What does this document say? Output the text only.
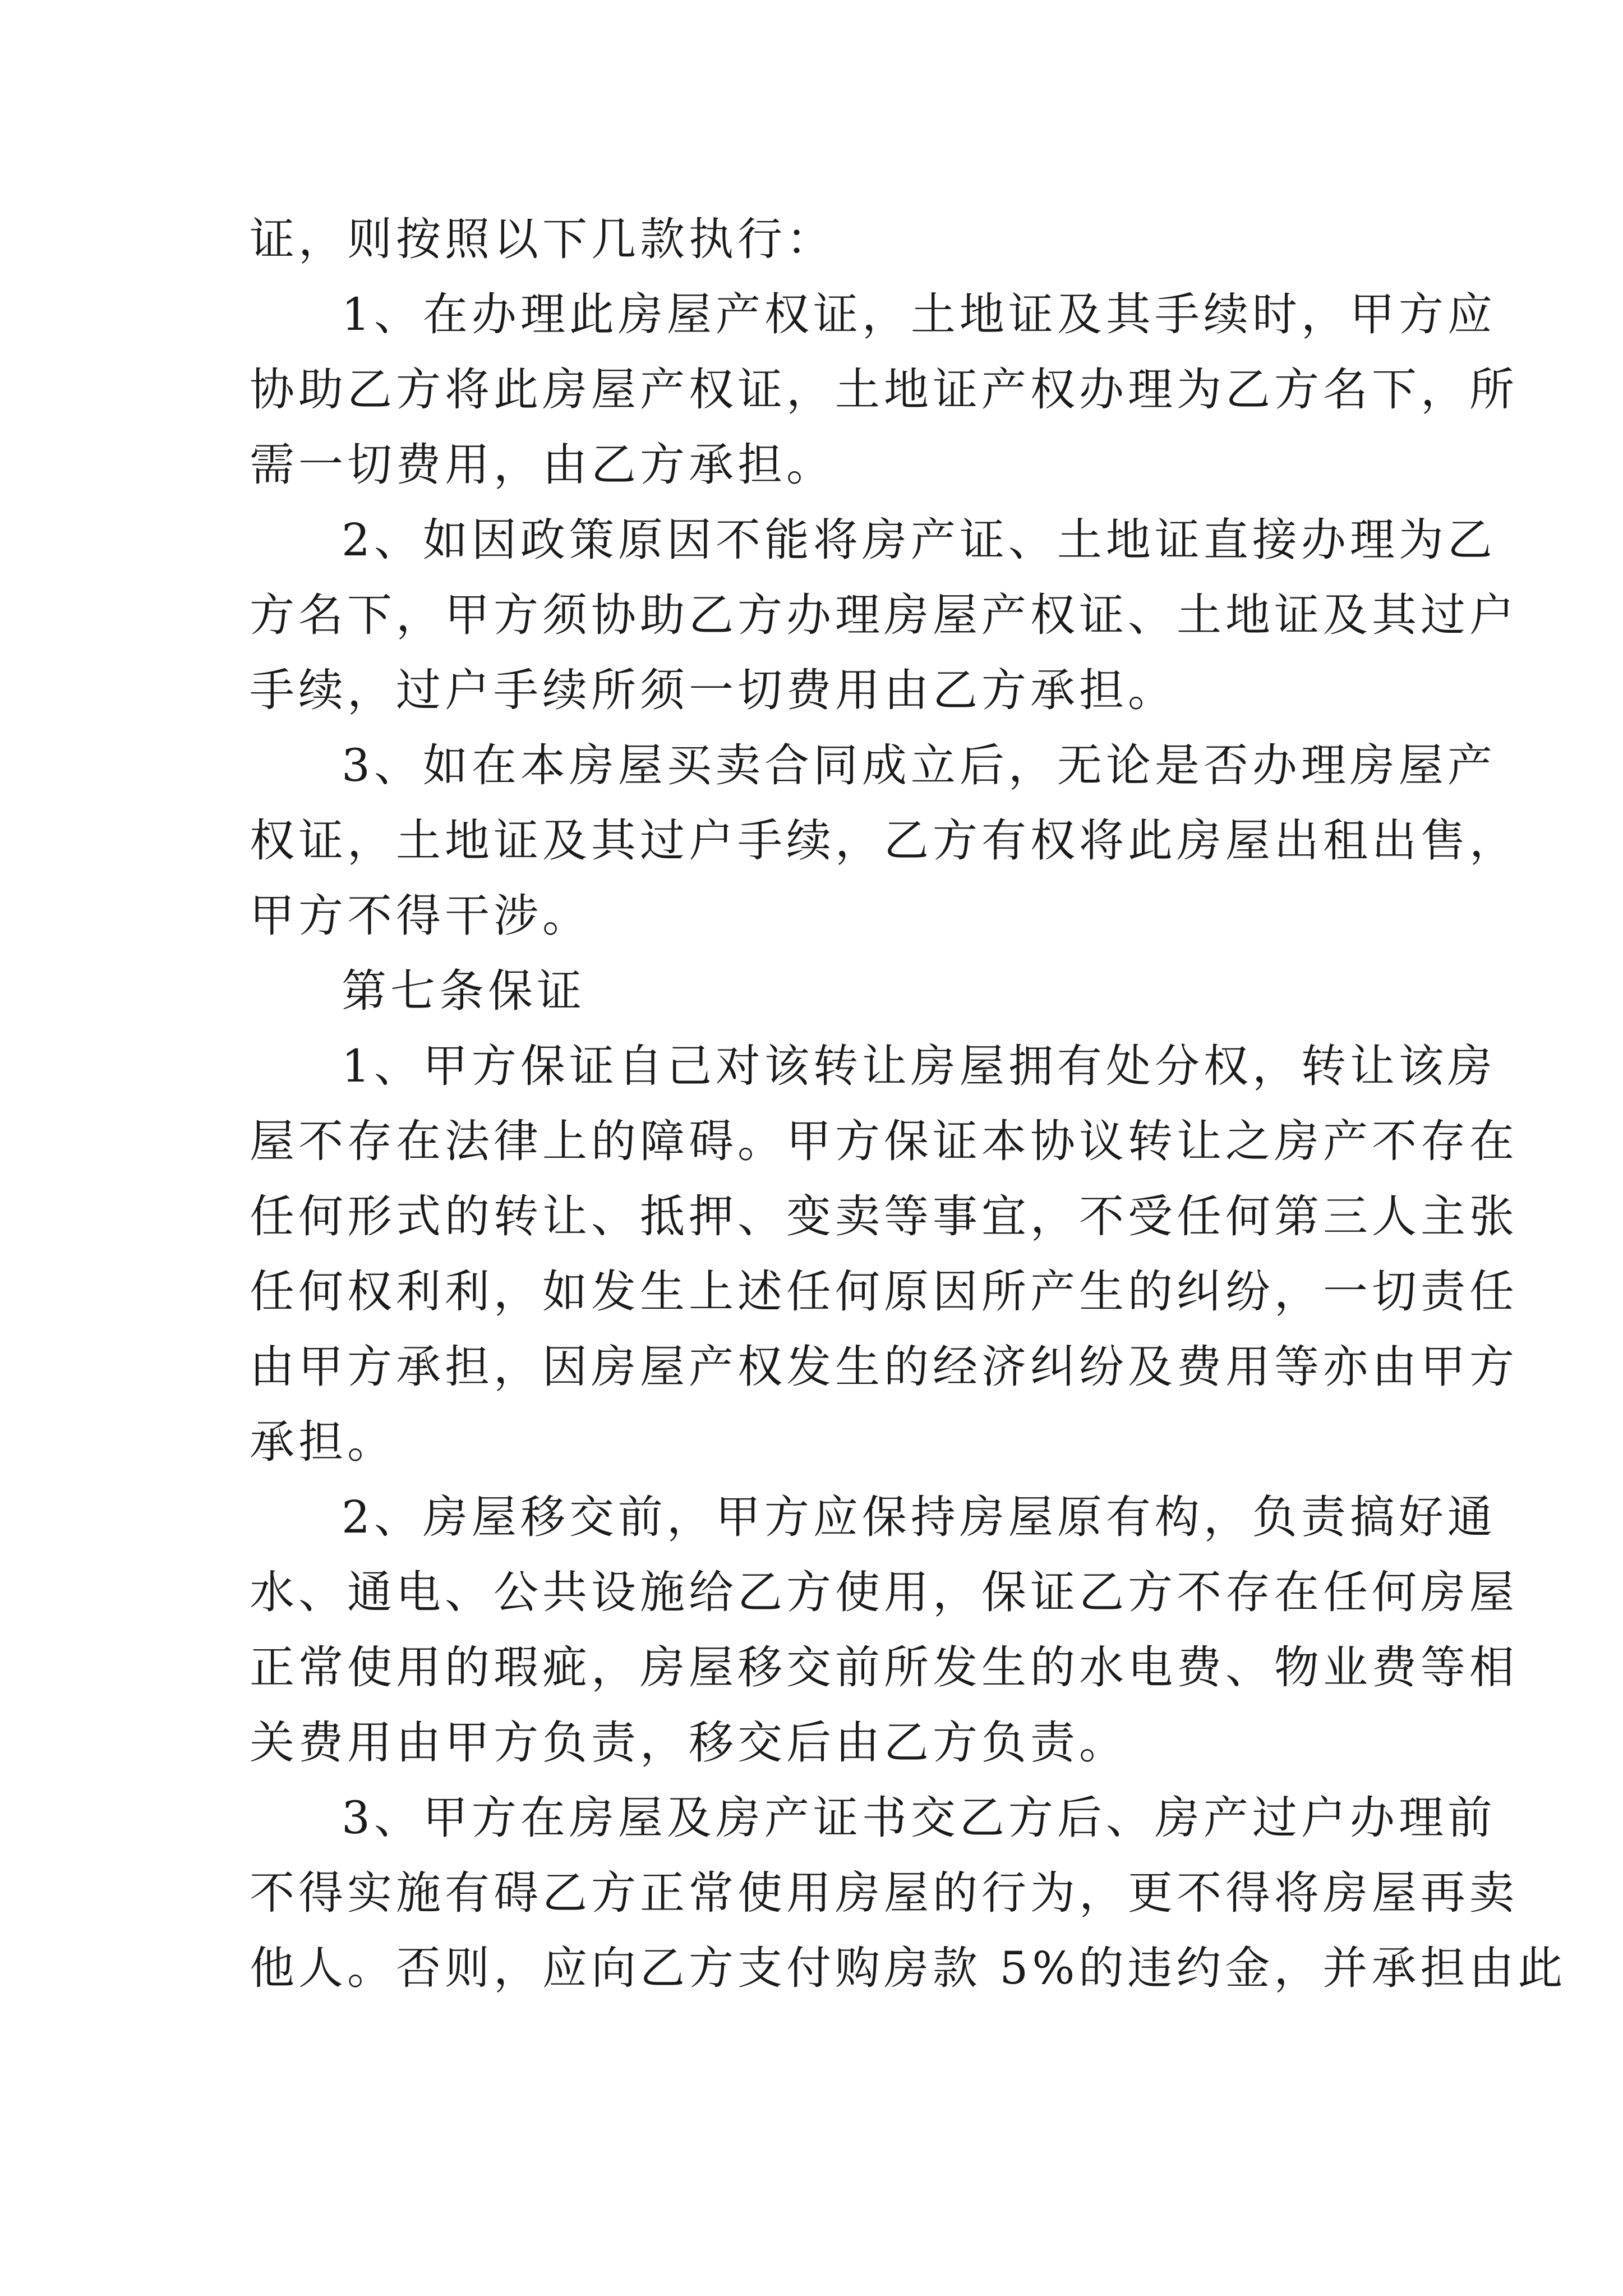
证，则按照以下几款执行：
1、在办理此房屋产权证，土地证及其手续时，甲方应
协助乙方将此房屋产权证，土地证产权办理为乙方名下，所
需一切费用，由乙方承担。
2、如因政策原因不能将房产证、土地证直接办理为乙
方名下，甲方须协助乙方办理房屋产权证、土地证及其过户
手续，过户手续所须一切费用由乙方承担。
3、如在本房屋买卖合同成立后，无论是否办理房屋产
权证，土地证及其过户手续，乙方有权将此房屋出租出售，
甲方不得干涉。
第七条保证
1、甲方保证自己对该转让房屋拥有处分权，转让该房
屋不存在法律上的障碍。甲方保证本协议转让之房产不存在
任何形式的转让、抵押、变卖等事宜，不受任何第三人主张
任何权利利，如发生上述任何原因所产生的纠纷，一切责任
由甲方承担，因房屋产权发生的经济纠纷及费用等亦由甲方
承担。
2、房屋移交前，甲方应保持房屋原有构，负责搞好通
水、通电、公共设施给乙方使用，保证乙方不存在任何房屋
正常使用的瑕疵，房屋移交前所发生的水电费、物业费等相
关费用由甲方负责，移交后由乙方负责。
3、甲方在房屋及房产证书交乙方后、房产过户办理前
不得实施有碍乙方正常使用房屋的行为，更不得将房屋再卖
他人。否则，应向乙方支付购房款 5%的违约金，并承担由此
